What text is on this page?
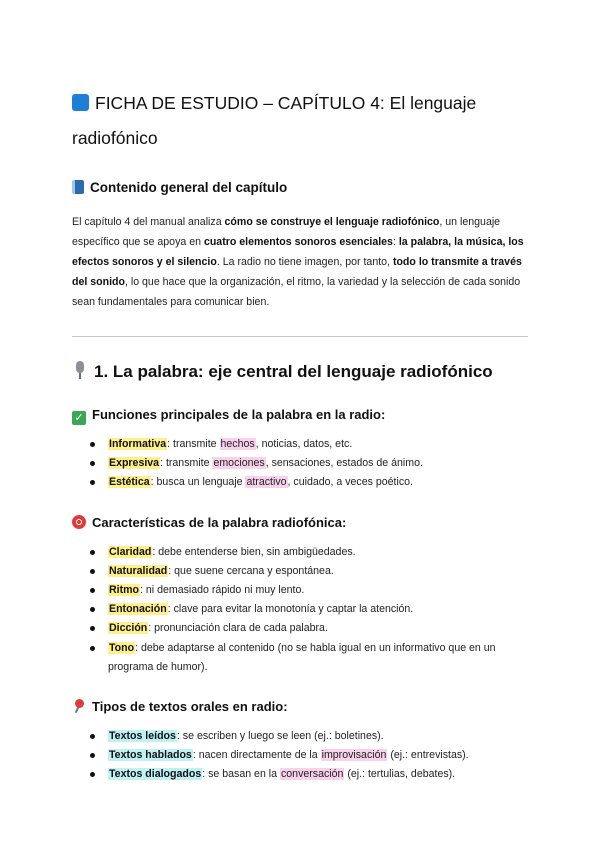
FICHA DE ESTUDIO – CAPÍTULO 4: El lenguaje radiofónico
Contenido general del capítulo

El capítulo 4 del manual analiza cómo se construye el lenguaje radiofónico, un lenguaje específico que se apoya en cuatro elementos sonoros esenciales: la palabra, la música, los efectos sonoros y el silencio. La radio no tiene imagen, por tanto, todo lo transmite a través del sonido, lo que hace que la organización, el ritmo, la variedad y la selección de cada sonido sean fundamentales para comunicar bien.

1. La palabra: eje central del lenguaje radiofónico
✓ Funciones principales de la palabra en la radio:
Informativa: transmite hechos, noticias, datos, etc.
Expresiva: transmite emociones, sensaciones, estados de ánimo.
Estética: busca un lenguaje atractivo, cuidado, a veces poético.
Características de la palabra radiofónica:
Claridad: debe entenderse bien, sin ambigüedades.
Naturalidad: que suene cercana y espontánea.
Ritmo: ni demasiado rápido ni muy lento.
Entonación: clave para evitar la monotonía y captar la atención.
Dicción: pronunciación clara de cada palabra.
Tono: debe adaptarse al contenido (no se habla igual en un informativo que en un programa de humor).
Tipos de textos orales en radio:
Textos leídos: se escriben y luego se leen (ej.: boletines).
Textos hablados: nacen directamente de la improvisación (ej.: entrevistas).
Textos dialogados: se basan en la conversación (ej.: tertulias, debates).
